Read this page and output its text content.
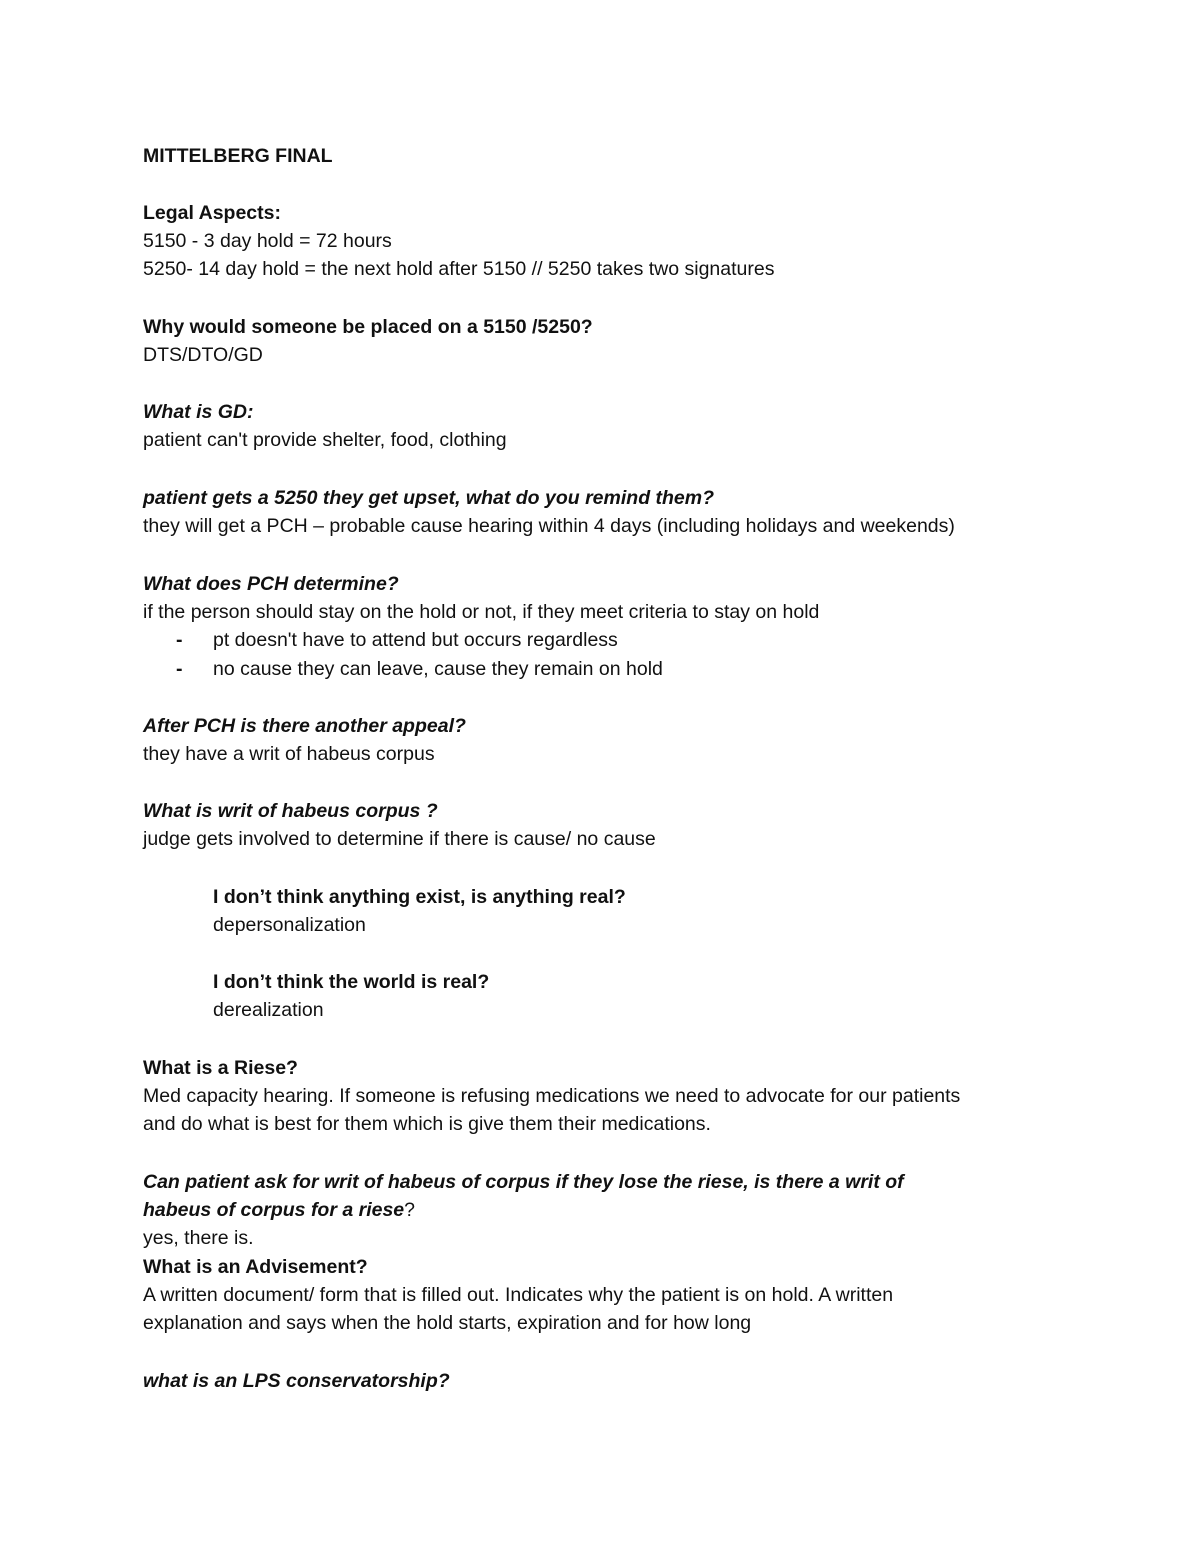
MITTELBERG FINAL
Legal Aspects:
5150 - 3 day hold = 72 hours
5250- 14 day hold = the next hold after 5150 // 5250 takes two signatures
Why would someone be placed on a 5150 /5250?
DTS/DTO/GD
What is GD:
patient can't provide shelter, food, clothing
patient gets a 5250 they get upset, what do you remind them?
they will get a PCH – probable cause hearing within 4 days (including holidays and weekends)
What does PCH determine?
if the person should stay on the hold or not, if they meet criteria to stay on hold
- pt doesn't have to attend but occurs regardless
- no cause they can leave, cause they remain on hold
After PCH is there another appeal?
they have a writ of habeus corpus
What is writ of habeus corpus ?
judge gets involved to determine if there is cause/ no cause
I don’t think anything exist, is anything real?
depersonalization
I don’t think the world is real?
derealization
What is a Riese?
Med capacity hearing. If someone is refusing medications we need to advocate for our patients
and do what is best for them which is give them their medications.
Can patient ask for writ of habeus of corpus if they lose the riese, is there a writ of
habeus of corpus for a riese?
yes, there is.
What is an Advisement?
A written document/ form that is filled out. Indicates why the patient is on hold. A written
explanation and says when the hold starts, expiration and for how long
what is an LPS conservatorship?
